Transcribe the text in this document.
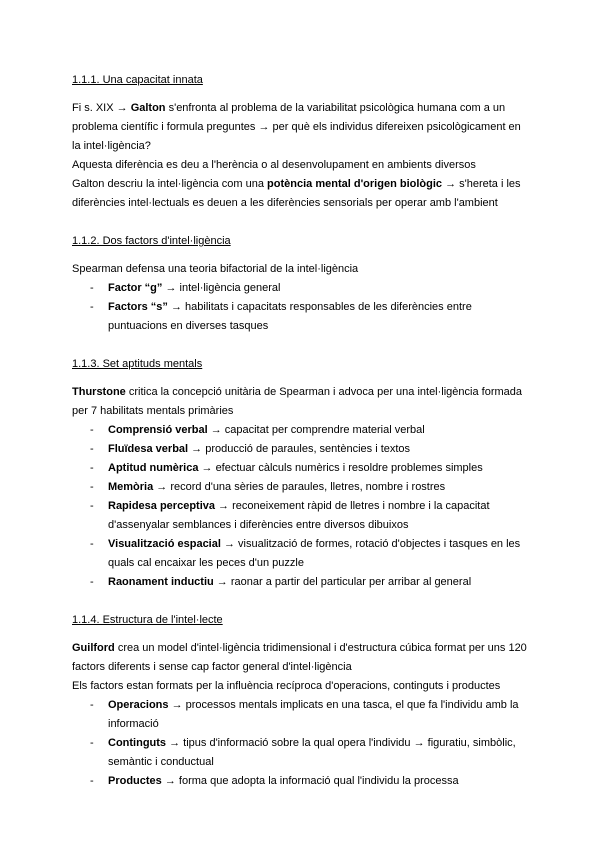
1.1.1. Una capacitat innata

Fi s. XIX → Galton s'enfronta al problema de la variabilitat psicològica humana com a un problema científic i formula preguntes → per què els individus difereixen psicològicament en la intel·ligència?

Aquesta diferència es deu a l'herència o al desenvolupament en ambients diversos

Galton descriu la intel·ligència com una potència mental d'origen biològic → s'hereta i les diferències intel·lectuals es deuen a les diferències sensorials per operar amb l'ambient

1.1.2. Dos factors d'intel·ligència

Spearman defensa una teoria bifactorial de la intel·ligència

- Factor “g” → intel·ligència general
- Factors “s” → habilitats i capacitats responsables de les diferències entre puntuacions en diverses tasques
1.1.3. Set aptituds mentals

Thurstone critica la concepció unitària de Spearman i advoca per una intel·ligència formada per 7 habilitats mentals primàries

- Comprensió verbal → capacitat per comprendre material verbal
- Fluïdesa verbal → producció de paraules, sentències i textos
- Aptitud numèrica → efectuar càlculs numèrics i resoldre problemes simples
- Memòria → record d'una sèries de paraules, lletres, nombre i rostres
- Rapidesa perceptiva → reconeixement ràpid de lletres i nombre i la capacitat d'assenyalar semblances i diferències entre diversos dibuixos
- Visualització espacial → visualització de formes, rotació d'objectes i tasques en les quals cal encaixar les peces d'un puzzle
- Raonament inductiu → raonar a partir del particular per arribar al general
1.1.4. Estructura de l'intel·lecte

Guilford crea un model d'intel·ligència tridimensional i d'estructura cúbica format per uns 120 factors diferents i sense cap factor general d'intel·ligència

Els factors estan formats per la influència recíproca d'operacions, continguts i productes

- Operacions → processos mentals implicats en una tasca, el que fa l'individu amb la informació
- Continguts → tipus d'informació sobre la qual opera l'individu → figuratiu, simbòlic, semàntic i conductual
- Productes → forma que adopta la informació qual l'individu la processa
